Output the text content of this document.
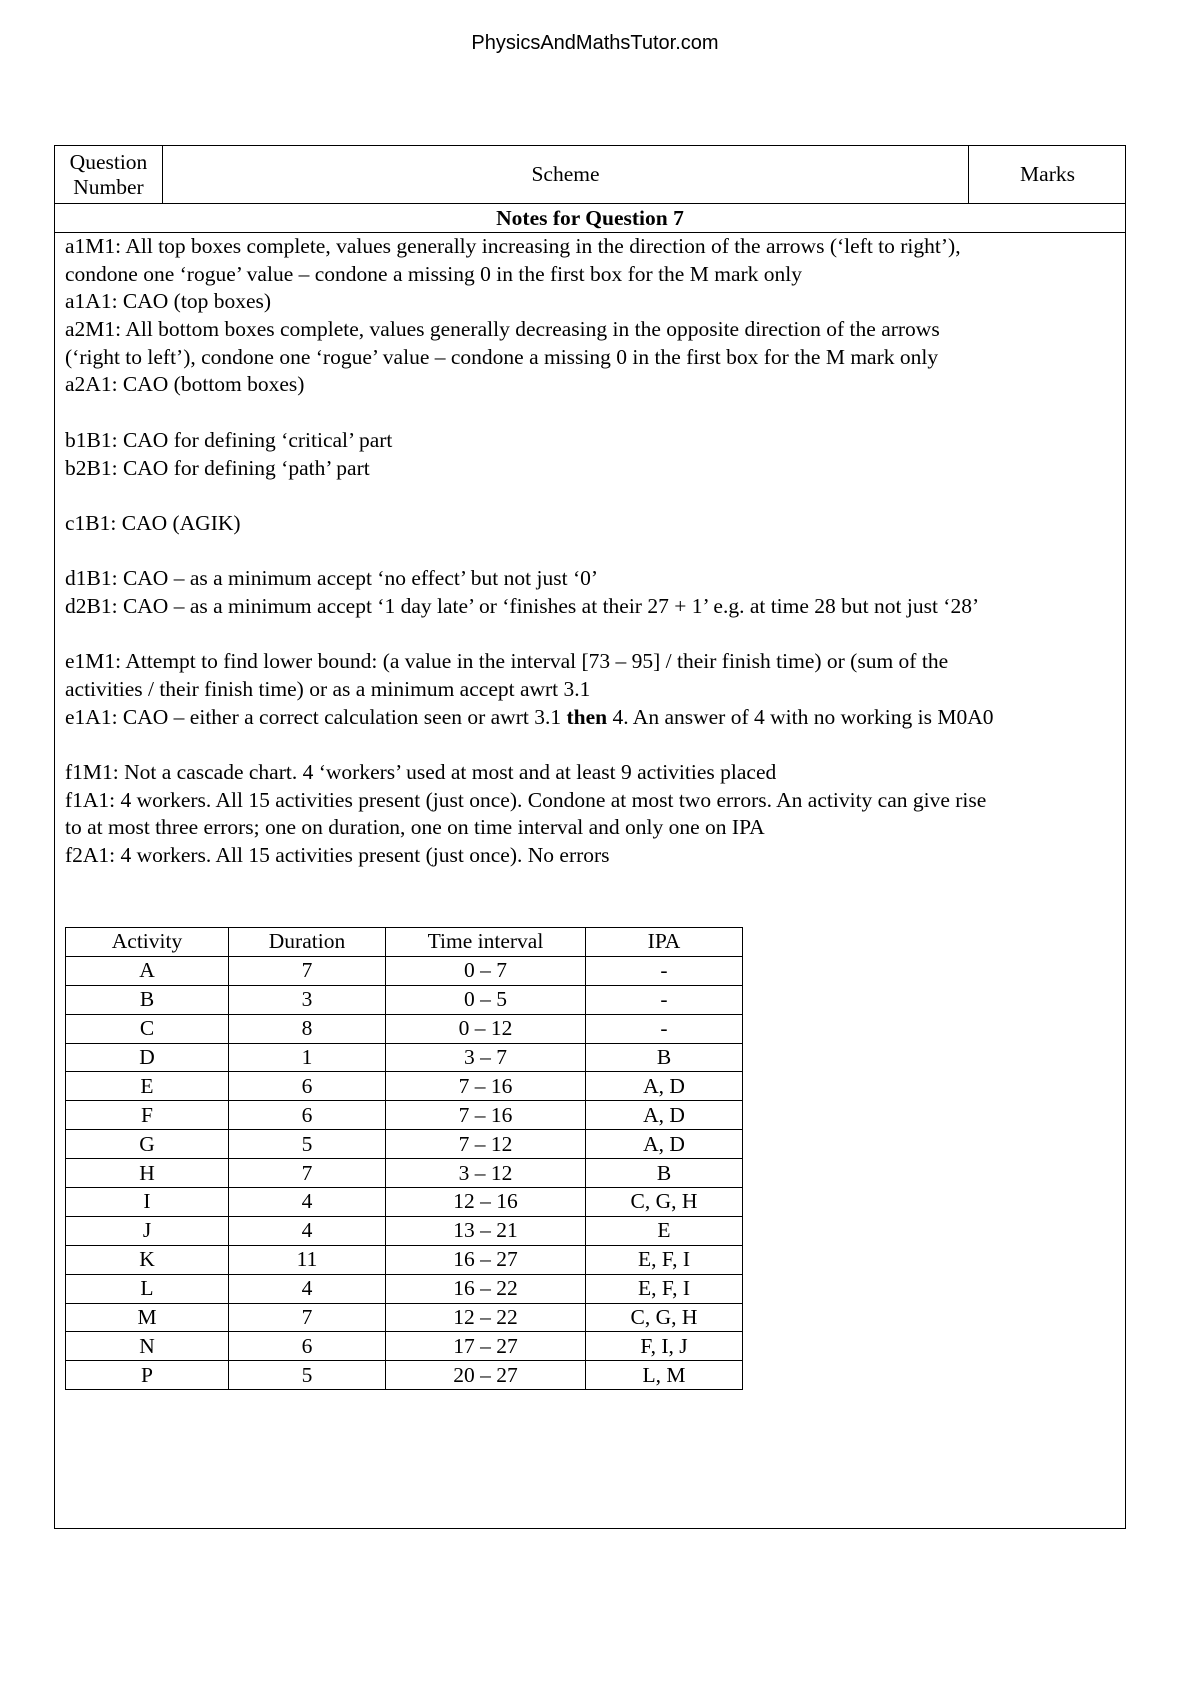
PhysicsAndMathsTutor.com
Question
Number
Scheme	Marks
Notes for Question 7
a1M1: All top boxes complete, values generally increasing in the direction of the arrows (‘left to right’),
condone one ‘rogue’ value – condone a missing 0 in the first box for the M mark only
a1A1: CAO (top boxes)
a2M1: All bottom boxes complete, values generally decreasing in the opposite direction of the arrows
(‘right to left’), condone one ‘rogue’ value – condone a missing 0 in the first box for the M mark only
a2A1: CAO (bottom boxes)
b1B1: CAO for defining ‘critical’ part
b2B1: CAO for defining ‘path’ part
c1B1: CAO (AGIK)
d1B1: CAO – as a minimum accept ‘no effect’ but not just ‘0’
d2B1: CAO – as a minimum accept ‘1 day late’ or ‘finishes at their 27 + 1’ e.g. at time 28 but not just ‘28’
e1M1: Attempt to find lower bound: (a value in the interval [73 – 95] / their finish time) or (sum of the
activities / their finish time) or as a minimum accept awrt 3.1
e1A1: CAO – either a correct calculation seen or awrt 3.1 then 4. An answer of 4 with no working is M0A0
f1M1: Not a cascade chart. 4 ‘workers’ used at most and at least 9 activities placed
f1A1: 4 workers. All 15 activities present (just once). Condone at most two errors. An activity can give rise
to at most three errors; one on duration, one on time interval and only one on IPA
f2A1: 4 workers. All 15 activities present (just once). No errors
Activity	Duration	Time interval	IPA
A	7	0 – 7	-
B	3	0 – 5	-
C	8	0 – 12	-
D	1	3 – 7	B
E	6	7 – 16	A, D
F	6	7 – 16	A, D
G	5	7 – 12	A, D
H	7	3 – 12	B
I	4	12 – 16	C, G, H
J	4	13 – 21	E
K	11	16 – 27	E, F, I
L	4	16 – 22	E, F, I
M	7	12 – 22	C, G, H
N	6	17 – 27	F, I, J
P	5	20 – 27	L, M
